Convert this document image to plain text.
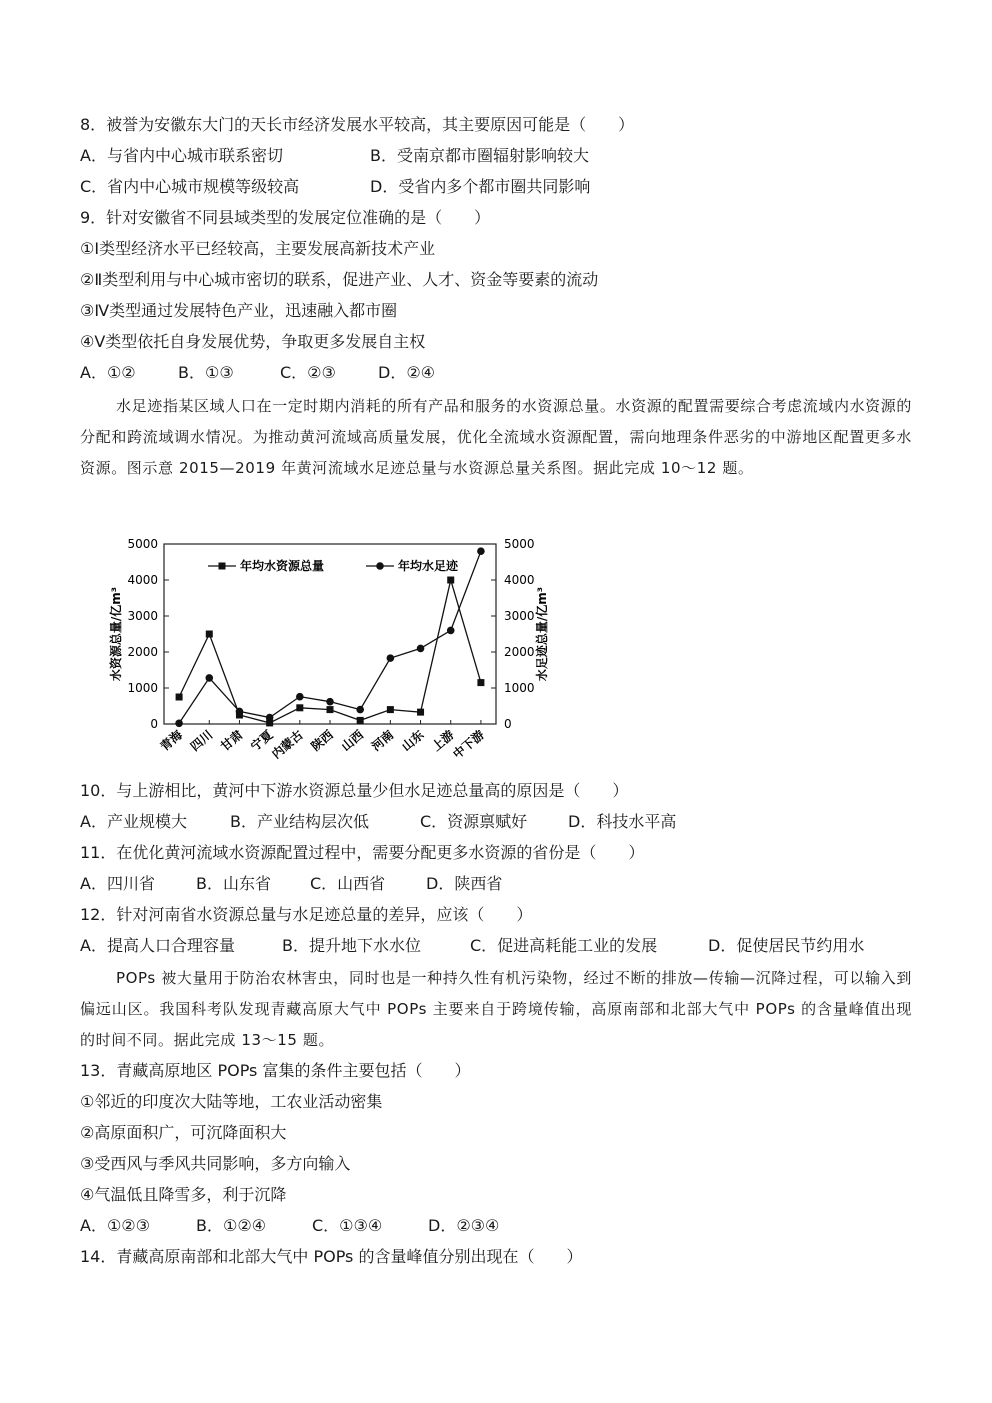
8．被誉为安徽东大门的天长市经济发展水平较高，其主要原因可能是（　　）
A．与省内中心城市联系密切	B．受南京都市圈辐射影响较大
C．省内中心城市规模等级较高	D．受省内多个都市圈共同影响
9．针对安徽省不同县域类型的发展定位准确的是（　　）
①Ⅰ类型经济水平已经较高，主要发展高新技术产业
②Ⅱ类型利用与中心城市密切的联系，促进产业、人才、资金等要素的流动
③Ⅳ类型通过发展特色产业，迅速融入都市圈
④Ⅴ类型依托自身发展优势，争取更多发展自主权
A．①②	B．①③	C．②③	D．②④
水足迹指某区域人口在一定时期内消耗的所有产品和服务的水资源总量。水资源的配置需要综合考虑流域内水资源的分配和跨流域调水情况。为推动黄河流域高质量发展，优化全流域水资源配置，需向地理条件恶劣的中游地区配置更多水资源。图示意 2015—2019 年黄河流域水足迹总量与水资源总量关系图。据此完成 10～12 题。
0	0
1000	1000
2000	2000
3000	3000
4000	4000
5000	5000
青海 四川 甘肃 宁夏
内蒙古 陕西 山西 河南 山东 上游
中下游
水资源总量/亿m³	水足迹总量/亿m³
年均水资源总量	年均水足迹
10．与上游相比，黄河中下游水资源总量少但水足迹总量高的原因是（　　）
A．产业规模大	B．产业结构层次低	C．资源禀赋好	D．科技水平高
11．在优化黄河流域水资源配置过程中，需要分配更多水资源的省份是（　　）
A．四川省	B．山东省 C．山西省	D．陕西省
12．针对河南省水资源总量与水足迹总量的差异，应该（　　）
A．提高人口合理容量	B．提升地下水水位	C．促进高耗能工业的发展	D．促使居民节约用水
POPs 被大量用于防治农林害虫，同时也是一种持久性有机污染物，经过不断的排放—传输—沉降过程，可以输入到偏远山区。我国科考队发现青藏高原大气中 POPs 主要来自于跨境传输，高原南部和北部大气中 POPs 的含量峰值出现的时间不同。据此完成 13～15 题。
13．青藏高原地区 POPs 富集的条件主要包括（　　）
①邻近的印度次大陆等地，工农业活动密集
②高原面积广，可沉降面积大
③受西风与季风共同影响，多方向输入
④气温低且降雪多，利于沉降
A．①②③	B．①②④	C．①③④	D．②③④
14．青藏高原南部和北部大气中 POPs 的含量峰值分别出现在（　　）
